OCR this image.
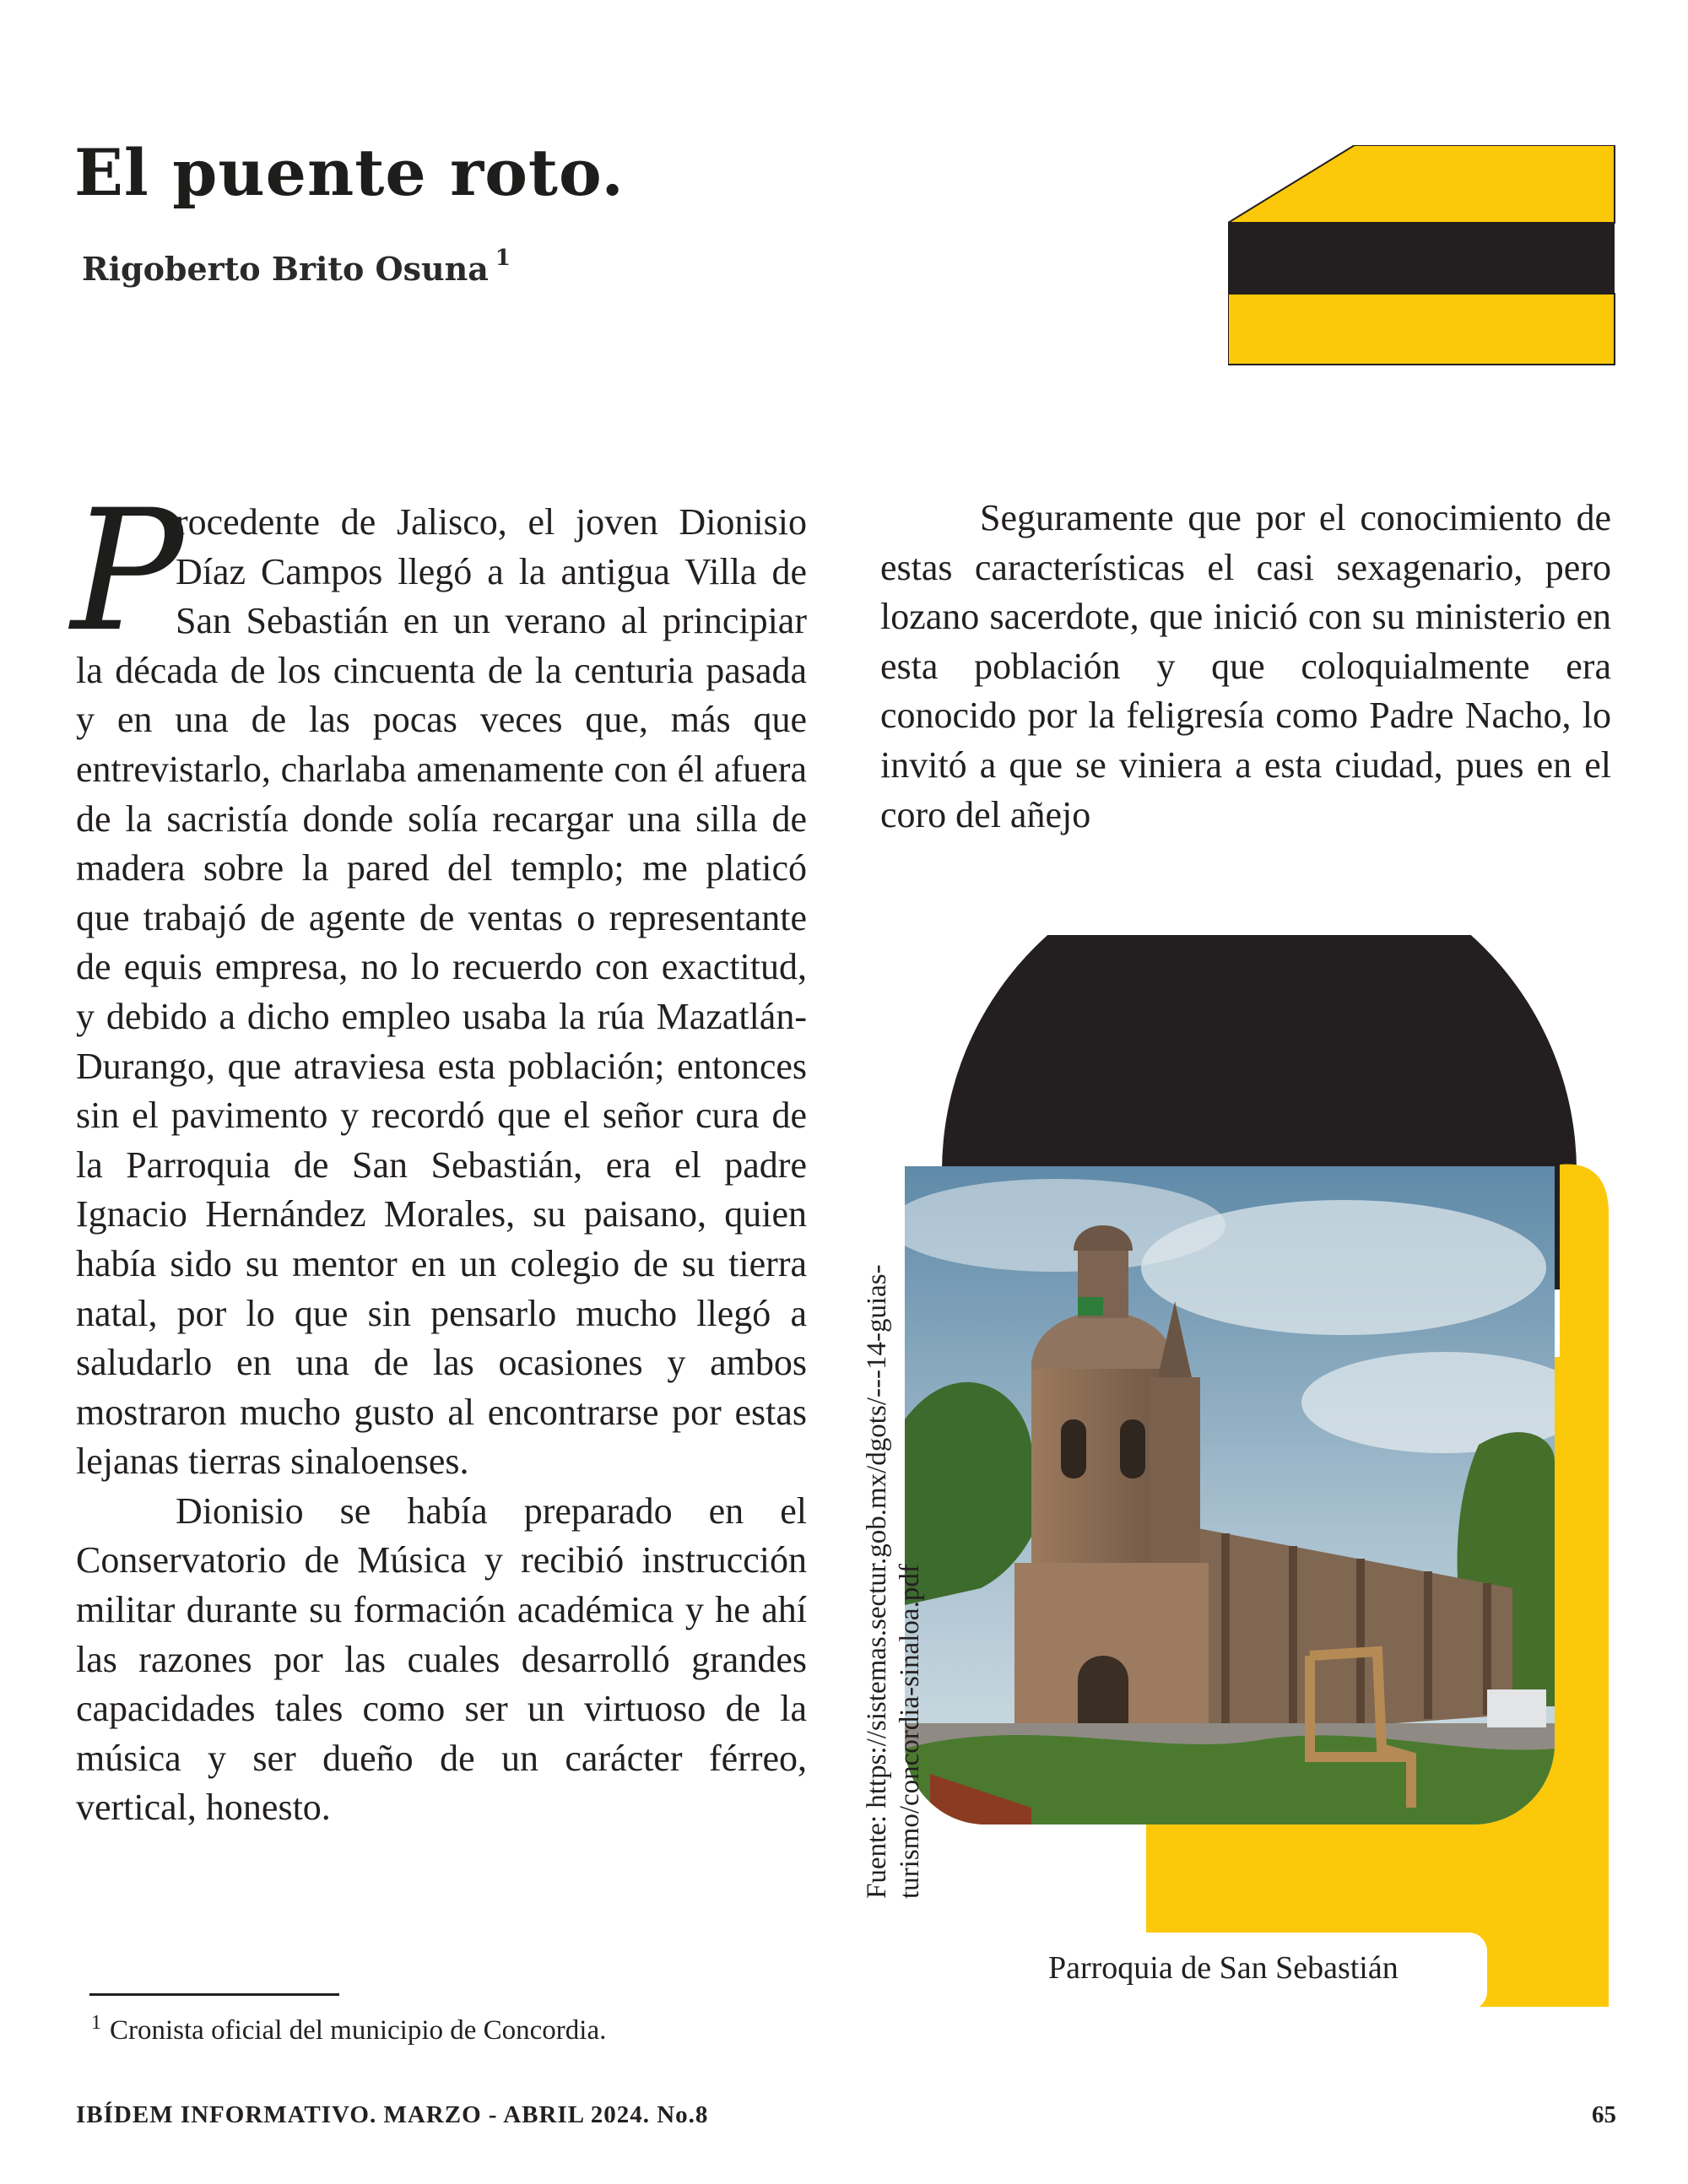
El puente roto.
Rigoberto Brito Osuna $^1$
P

rocedente de Jalisco, el joven Dionisio Díaz Campos llegó a la antigua Villa de San Sebastián en un verano al principiar la década de los cincuenta de la centuria pasada y en una de las pocas veces que, más que entrevistarlo, charlaba amenamente con él afuera de la sacristía donde solía recargar una silla de madera sobre la pared del templo; me platicó que trabajó de agente de ventas o representante de equis empresa, no lo recuerdo con exactitud, y debido a dicho empleo usaba la rúa Mazatlán-Durango, que atraviesa esta población; entonces sin el pavimento y recordó que el señor cura de la Parroquia de San Sebastián, era el padre Ignacio Hernández Morales, su paisano, quien había sido su mentor en un colegio de su tierra natal, por lo que sin pensarlo mucho llegó a saludarlo en una de las ocasiones y ambos mostraron mucho gusto al encontrarse por estas lejanas tierras sinaloenses.

Dionisio se había preparado en el Conservatorio de Música y recibió instrucción militar durante su formación académica y he ahí las razones por las cuales desarrolló grandes capacidades tales como ser un virtuoso de la música y ser dueño de un carácter férreo, vertical, honesto.

Seguramente que por el conocimiento de estas características el casi sexagenario, pero lozano sacerdote, que inició con su ministerio en esta población y que coloquialmente era conocido por la feligresía como Padre Nacho, lo invitó a que se viniera a esta ciudad, pues en el coro del añejo

Fuente: https://sistemas.sectur.gob.mx/dgots/---14-guias- turismo/concordia-sinaloa.pdf
Parroquia de San Sebastián
$^1$ Cronista oficial del municipio de Concordia.
IBÍDEM INFORMATIVO. MARZO - ABRIL 2024. No.8	65
